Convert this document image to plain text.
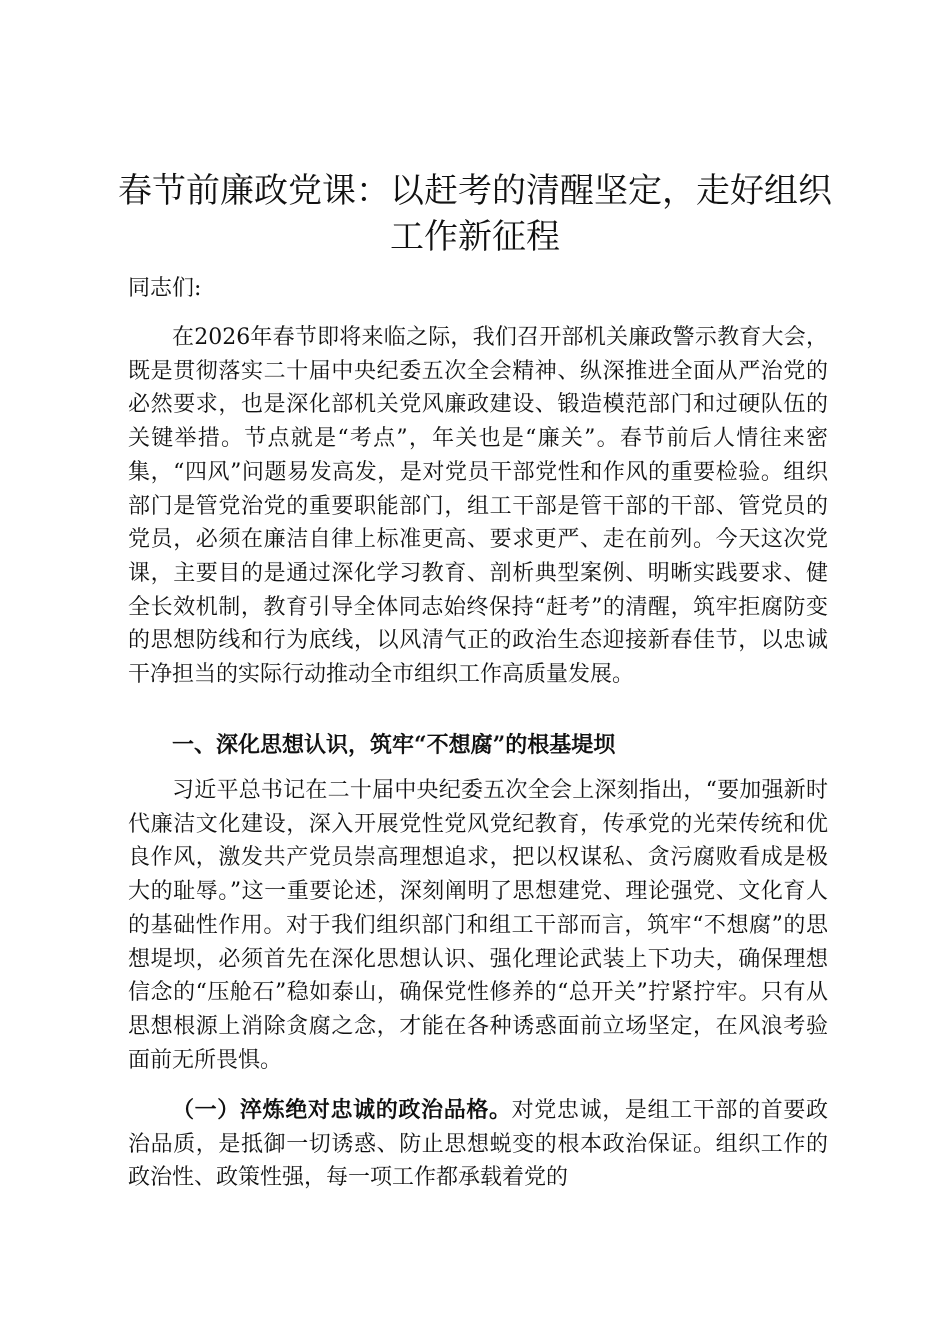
春节前廉政党课：以赶考的清醒坚定，走好组织工作新征程

同志们:

在2026年春节即将来临之际，我们召开部机关廉政警示教育大会，既是贯彻落实二十届中央纪委五次全会精神、纵深推进全面从严治党的必然要求，也是深化部机关党风廉政建设、锻造模范部门和过硬队伍的关键举措。节点就是“考点”，年关也是“廉关”。春节前后人情往来密集，“四风”问题易发高发，是对党员干部党性和作风的重要检验。组织部门是管党治党的重要职能部门，组工干部是管干部的干部、管党员的党员，必须在廉洁自律上标准更高、要求更严、走在前列。今天这次党课，主要目的是通过深化学习教育、剖析典型案例、明晰实践要求、健全长效机制，教育引导全体同志始终保持“赶考”的清醒，筑牢拒腐防变的思想防线和行为底线，以风清气正的政治生态迎接新春佳节，以忠诚干净担当的实际行动推动全市组织工作高质量发展。

一、深化思想认识，筑牢“不想腐”的根基堤坝

习近平总书记在二十届中央纪委五次全会上深刻指出，“要加强新时代廉洁文化建设，深入开展党性党风党纪教育，传承党的光荣传统和优良作风，激发共产党员崇高理想追求，把以权谋私、贪污腐败看成是极大的耻辱。”这一重要论述，深刻阐明了思想建党、理论强党、文化育人的基础性作用。对于我们组织部门和组工干部而言，筑牢“不想腐”的思想堤坝，必须首先在深化思想认识、强化理论武装上下功夫，确保理想信念的“压舱石”稳如泰山，确保党性修养的“总开关”拧紧拧牢。只有从思想根源上消除贪腐之念，才能在各种诱惑面前立场坚定，在风浪考验面前无所畏惧。

（一）淬炼绝对忠诚的政治品格。对党忠诚，是组工干部的首要政治品质，是抵御一切诱惑、防止思想蜕变的根本政治保证。组织工作的政治性、政策性强，每一项工作都承载着党的
